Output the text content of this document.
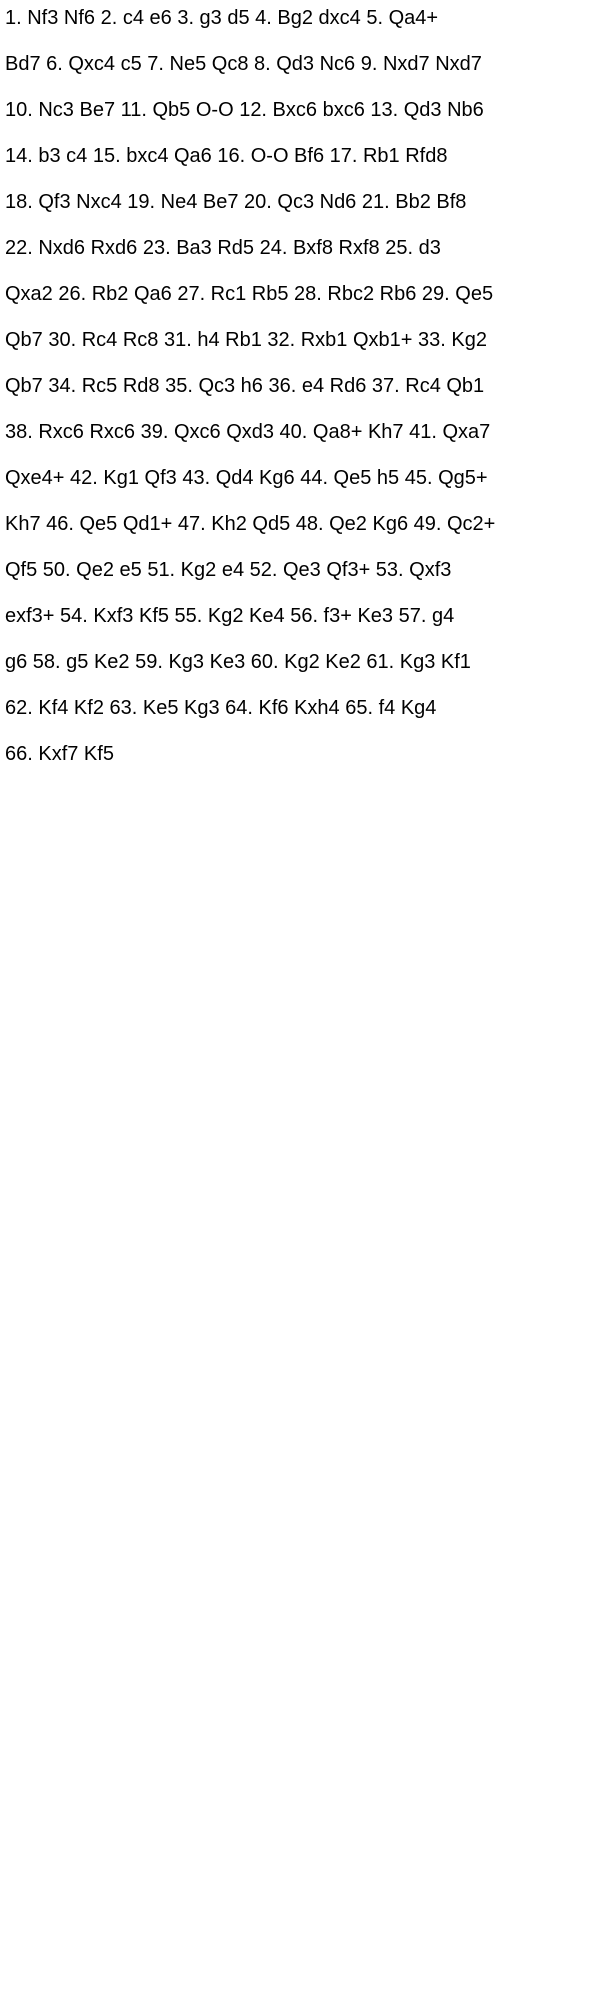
1. Nf3 Nf6 2. c4 e6 3. g3 d5 4. Bg2 dxc4 5. Qa4+

Bd7 6. Qxc4 c5 7. Ne5 Qc8 8. Qd3 Nc6 9. Nxd7 Nxd7

10. Nc3 Be7 11. Qb5 O-O 12. Bxc6 bxc6 13. Qd3 Nb6

14. b3 c4 15. bxc4 Qa6 16. O-O Bf6 17. Rb1 Rfd8

18. Qf3 Nxc4 19. Ne4 Be7 20. Qc3 Nd6 21. Bb2 Bf8

22. Nxd6 Rxd6 23. Ba3 Rd5 24. Bxf8 Rxf8 25. d3

Qxa2 26. Rb2 Qa6 27. Rc1 Rb5 28. Rbc2 Rb6 29. Qe5

Qb7 30. Rc4 Rc8 31. h4 Rb1 32. Rxb1 Qxb1+ 33. Kg2

Qb7 34. Rc5 Rd8 35. Qc3 h6 36. e4 Rd6 37. Rc4 Qb1

38. Rxc6 Rxc6 39. Qxc6 Qxd3 40. Qa8+ Kh7 41. Qxa7

Qxe4+ 42. Kg1 Qf3 43. Qd4 Kg6 44. Qe5 h5 45. Qg5+

Kh7 46. Qe5 Qd1+ 47. Kh2 Qd5 48. Qe2 Kg6 49. Qc2+

Qf5 50. Qe2 e5 51. Kg2 e4 52. Qe3 Qf3+ 53. Qxf3

exf3+ 54. Kxf3 Kf5 55. Kg2 Ke4 56. f3+ Ke3 57. g4

g6 58. g5 Ke2 59. Kg3 Ke3 60. Kg2 Ke2 61. Kg3 Kf1

62. Kf4 Kf2 63. Ke5 Kg3 64. Kf6 Kxh4 65. f4 Kg4

66. Kxf7 Kf5
